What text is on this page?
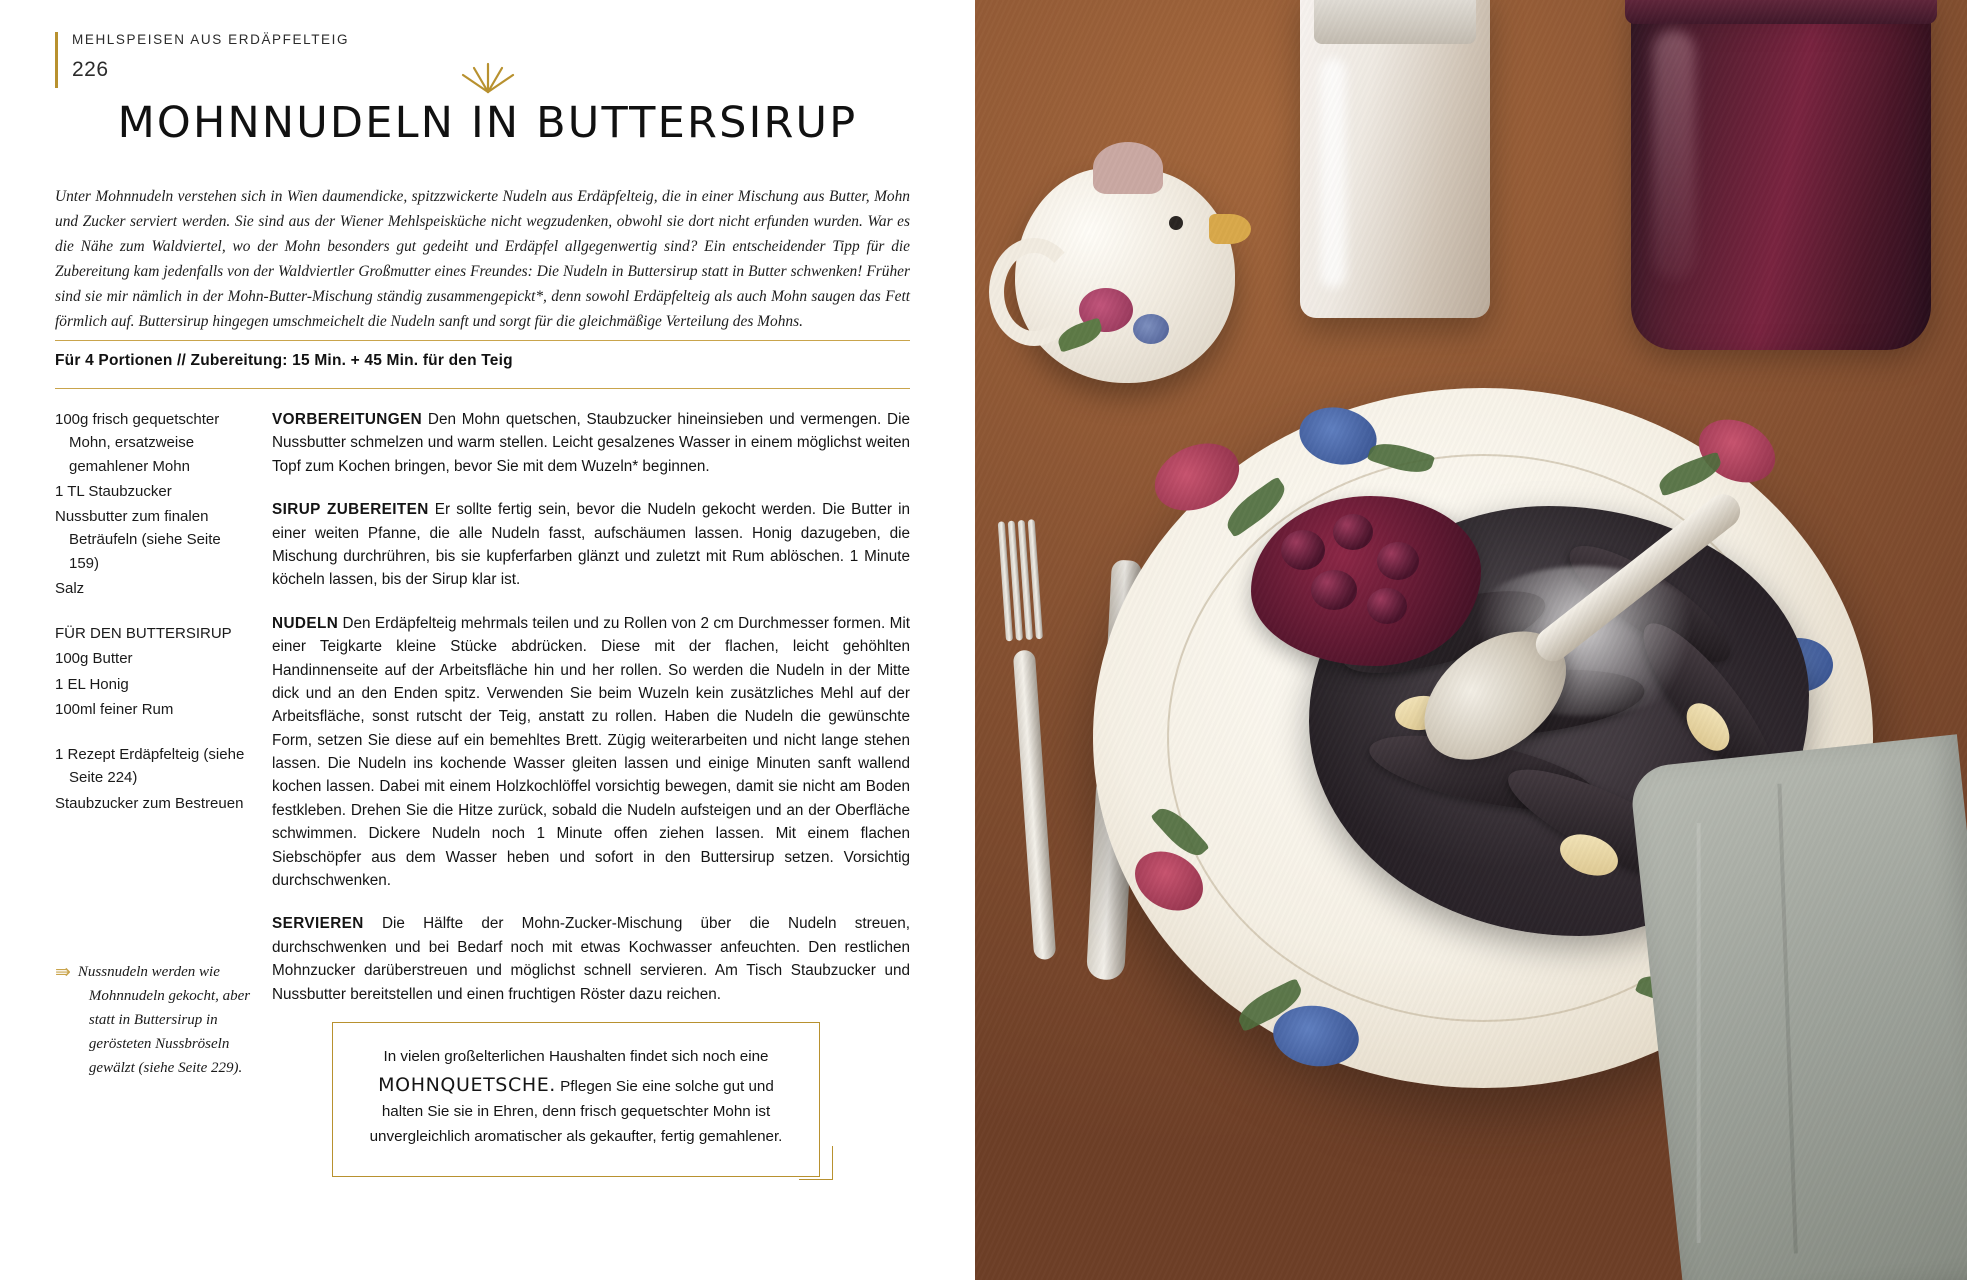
MEHLSPEISEN AUS ERDÄPFELTEIG
226
MOHNNUDELN IN BUTTERSIRUP
Unter Mohnnudeln verstehen sich in Wien daumendicke, spitzzwickerte Nudeln aus Erdäpfelteig, die in einer Mischung aus Butter, Mohn und Zucker serviert werden. Sie sind aus der Wiener Mehlspeisküche nicht wegzudenken, obwohl sie dort nicht erfunden wurden. War es die Nähe zum Waldviertel, wo der Mohn besonders gut gedeiht und Erdäpfel allgegenwertig sind? Ein entscheidender Tipp für die Zubereitung kam jedenfalls von der Waldviertler Großmutter eines Freundes: Die Nudeln in Buttersirup statt in Butter schwenken! Früher sind sie mir nämlich in der Mohn-Butter-Mischung ständig zusammengepickt*, denn sowohl Erdäpfelteig als auch Mohn saugen das Fett förmlich auf. Buttersirup hingegen umschmeichelt die Nudeln sanft und sorgt für die gleichmäßige Verteilung des Mohns.
Für 4 Portionen // Zubereitung: 15 Min. + 45 Min. für den Teig
100g frisch gequetschter Mohn, ersatzweise gemahlener Mohn
1 TL Staubzucker
Nussbutter zum finalen Beträufeln (siehe Seite 159)
Salz
FÜR DEN BUTTERSIRUP
100g Butter
1 EL Honig
100ml feiner Rum
1 Rezept Erdäpfelteig (siehe Seite 224)
Staubzucker zum Bestreuen

VORBEREITUNGEN Den Mohn quetschen, Staubzucker hineinsieben und vermengen. Die Nussbutter schmelzen und warm stellen. Leicht gesalzenes Wasser in einem möglichst weiten Topf zum Kochen bringen, bevor Sie mit dem Wuzeln* beginnen.

SIRUP ZUBEREITEN Er sollte fertig sein, bevor die Nudeln gekocht werden. Die Butter in einer weiten Pfanne, die alle Nudeln fasst, aufschäumen lassen. Honig dazugeben, die Mischung durchrühren, bis sie kupferfarben glänzt und zuletzt mit Rum ablöschen. 1 Minute köcheln lassen, bis der Sirup klar ist.

NUDELN Den Erdäpfelteig mehrmals teilen und zu Rollen von 2 cm Durchmesser formen. Mit einer Teigkarte kleine Stücke abdrücken. Diese mit der flachen, leicht gehöhlten Handinnenseite auf der Arbeitsfläche hin und her rollen. So werden die Nudeln in der Mitte dick und an den Enden spitz. Verwenden Sie beim Wuzeln kein zusätzliches Mehl auf der Arbeitsfläche, sonst rutscht der Teig, anstatt zu rollen. Haben die Nudeln die gewünschte Form, setzen Sie diese auf ein bemehltes Brett. Zügig weiterarbeiten und nicht lange stehen lassen. Die Nudeln ins kochende Wasser gleiten lassen und einige Minuten sanft wallend kochen lassen. Dabei mit einem Holzkochlöffel vorsichtig bewegen, damit sie nicht am Boden festkleben. Drehen Sie die Hitze zurück, sobald die Nudeln aufsteigen und an der Oberfläche schwimmen. Dickere Nudeln noch 1 Minute offen ziehen lassen. Mit einem flachen Siebschöpfer aus dem Wasser heben und sofort in den Buttersirup setzen. Vorsichtig durchschwenken.

SERVIEREN Die Hälfte der Mohn-Zucker-Mischung über die Nudeln streuen, durchschwenken und bei Bedarf noch mit etwas Kochwasser anfeuchten. Den restlichen Mohnzucker darüberstreuen und möglichst schnell servieren. Am Tisch Staubzucker und Nussbutter bereitstellen und einen fruchtigen Röster dazu reichen.

⇛ Nussnudeln werden wie Mohnnudeln gekocht, aber statt in Buttersirup in gerösteten Nussbröseln gewälzt (siehe Seite 229).
In vielen großelterlichen Haushalten findet sich noch eine
MOHNQUETSCHE. Pflegen Sie eine solche gut und halten Sie sie in Ehren, denn frisch gequetschter Mohn ist unvergleichlich aromatischer als gekaufter, fertig gemahlener.
